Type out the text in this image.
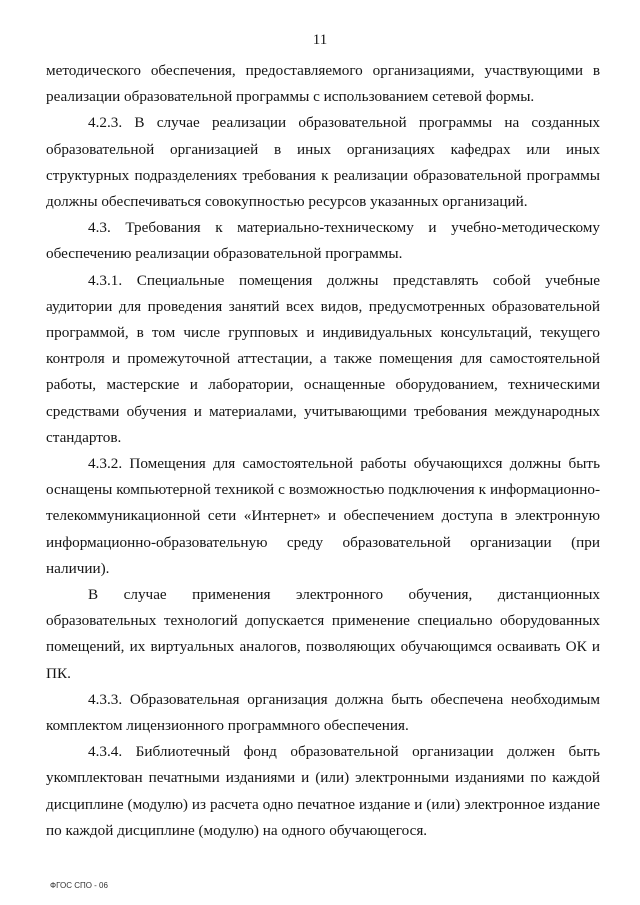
11

методического обеспечения, предоставляемого организациями, участвующими в реализации образовательной программы с использованием сетевой формы.

4.2.3. В случае реализации образовательной программы на созданных образовательной организацией в иных организациях кафедрах или иных структурных подразделениях требования к реализации образовательной программы должны обеспечиваться совокупностью ресурсов указанных организаций.

4.3. Требования к материально-техническому и учебно-методическому обеспечению реализации образовательной программы.

4.3.1. Специальные помещения должны представлять собой учебные аудитории для проведения занятий всех видов, предусмотренных образовательной программой, в том числе групповых и индивидуальных консультаций, текущего контроля и промежуточной аттестации, а также помещения для самостоятельной работы, мастерские и лаборатории, оснащенные оборудованием, техническими средствами обучения и материалами, учитывающими требования международных стандартов.

4.3.2. Помещения для самостоятельной работы обучающихся должны быть оснащены компьютерной техникой с возможностью подключения к информационно-телекоммуникационной сети «Интернет» и обеспечением доступа в электронную информационно-образовательную среду образовательной организации (при наличии).

В случае применения электронного обучения, дистанционных образовательных технологий допускается применение специально оборудованных помещений, их виртуальных аналогов, позволяющих обучающимся осваивать ОК и ПК.

4.3.3. Образовательная организация должна быть обеспечена необходимым комплектом лицензионного программного обеспечения.

4.3.4. Библиотечный фонд образовательной организации должен быть укомплектован печатными изданиями и (или) электронными изданиями по каждой дисциплине (модулю) из расчета одно печатное издание и (или) электронное издание по каждой дисциплине (модулю) на одного обучающегося.

ФГОС СПО - 06
